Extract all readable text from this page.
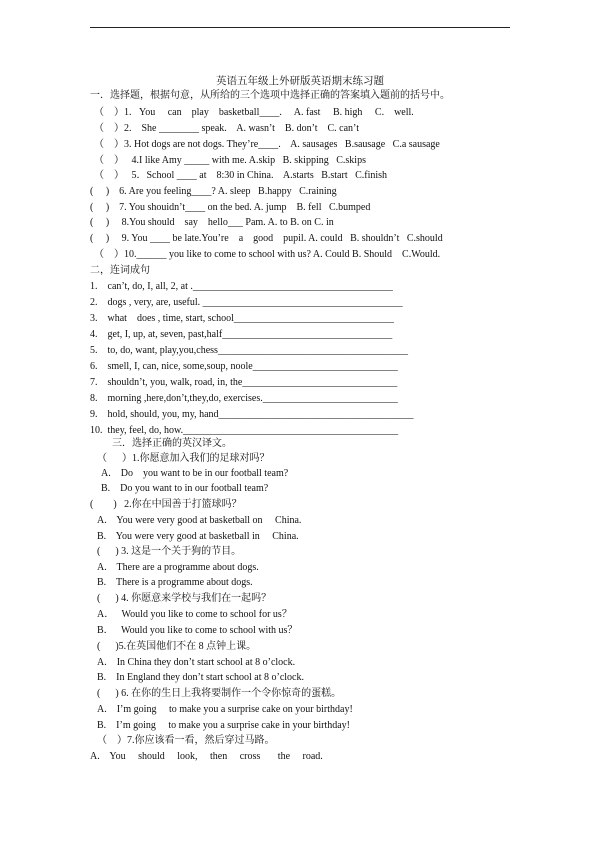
英语五年级上外研版英语期末练习题
一．选择题，根据句意，从所给的三个选项中选择正确的答案填入题前的括号中。
（    ）1.   You     can    play    basketball____.     A. fast     B. high     C.    well.
（    ）2.    She ________ speak.    A. wasn’t    B. don’t    C. can’t
（    ）3. Hot dogs are not dogs. They’re____.    A. sausages   B.sausage   C.a sausage
（    ）   4.I like Amy _____ with me. A.skip   B. skipping   C.skips
（    ）   5．School ____ at    8:30 in China.    A.starts   B.start   C.finish
(     )    6. Are you feeling____? A. sleep   B.happy   C.raining
(     )    7. You shouidn’t____ on the bed. A. jump    B. fell   C.bumped
(     )     8.You should    say    hello___ Pam. A. to B. on C. in
(     )     9. You ____ be late.You’re    a    good    pupil. A. could   B. shouldn’t   C.should
（    ）10.______ you like to come to school with us? A. Could B. Should    C.Would.
二，连词成句
1.    can’t, do, I, all, 2, at .________________________________________
2.    dogs , very, are, useful. ________________________________________
3.    what    does , time, start, school________________________________
4.    get, I, up, at, seven, past,half__________________________________
5.    to, do, want, play,you,chess______________________________________
6.    smell, I, can, nice, some,soup, noole_____________________________
7.    shouldn’t, you, walk, road, in, the_______________________________
8.    morning ,here,don’t,they,do, exercises.___________________________
9.    hold, should, you, my, hand_______________________________________
10.  they, feel, do, how.___________________________________________
三．选择正确的英汉译文。
（      ）1.你愿意加入我们的足球对吗？
A.    Do    you want to be in our football team?
B.    Do you want to in our football team?
(        )   2.你在中国善于打篮球吗？
A.    You were very good at basketball on     China.
B.    You were very good at basketball in     China.
(      ) 3. 这是一个关于狗的节目。
A.    There are a programme about dogs.
B.    There is a programme about dogs.
(      ) 4. 你愿意来学校与我们在一起吗？
A．   Would you like to come to school for us？
B．   Would you like to come to school with us？
(      )5.在英国他们不在 8 点钟上课。
A.    In China they don’t start school at 8 o’clock.
B.    In England they don’t start school at 8 o’clock.
(      ) 6. 在你的生日上我将要制作一个令你惊奇的蛋糕。
A.    I’m going     to make you a surprise cake on your birthday!
B.    I’m going     to make you a surprise cake in your birthday!
（    ）7.你应该看一看，然后穿过马路。
A.    You     should     look,     then     cross       the     road.
